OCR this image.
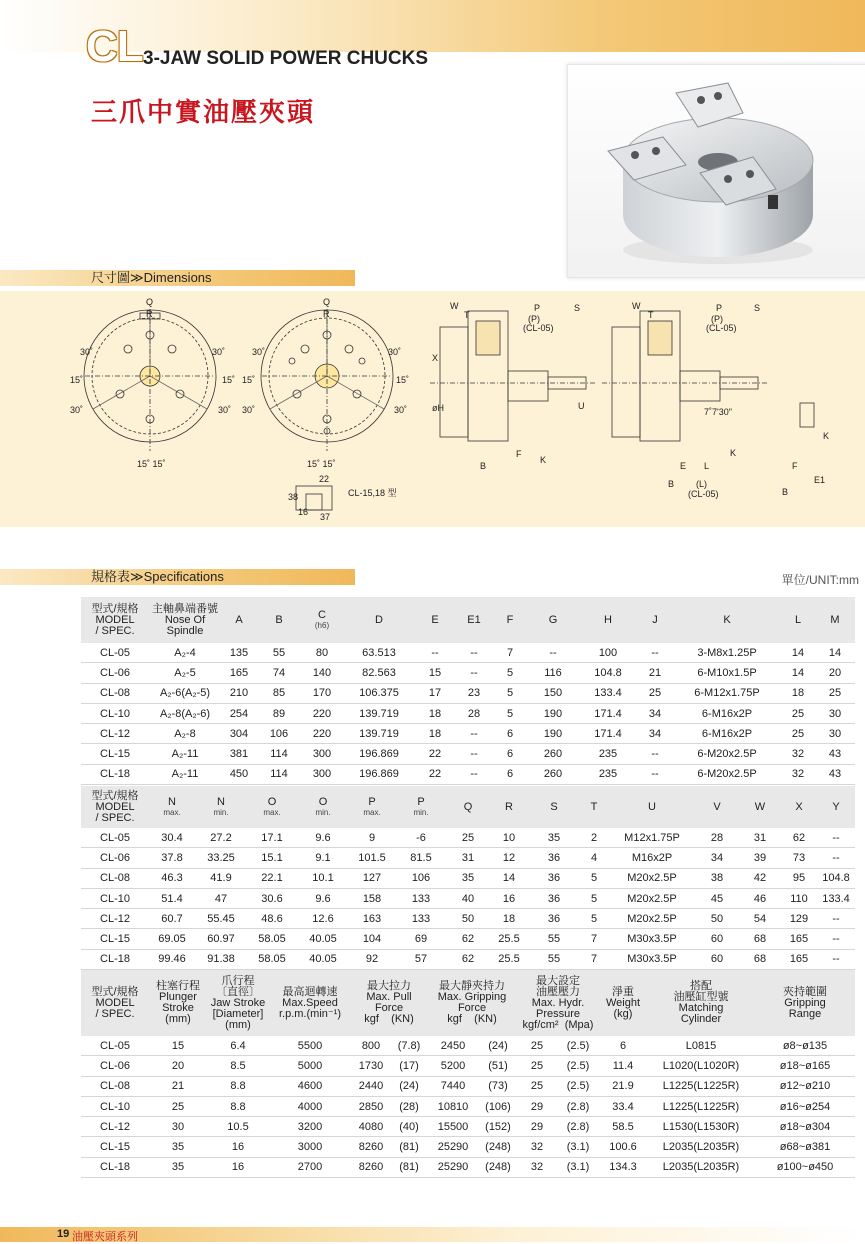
CL 3-JAW SOLID POWER CHUCKS
三爪中實油壓夾頭
尺寸圖≫Dimensions
Q
R
30˚	30˚
15˚	15˚
30˚	30˚
15˚ 15˚
Q
R
30˚	30˚
15˚	15˚
30˚	30˚
15˚ 15˚
22
38
16 37
CL-15,18 型
W
T
P
(P)
(CL-05)
S
X
øH	U
B
F
K
W
T
P
(P)
(CL-05)
S
7˚7'30"
K
E L
B (L)
(CL-05)
K
F
E1
B
規格表≫Specifications	單位/UNIT:mm
型式/規格
MODEL
/ SPEC.	主軸鼻端番號
Nose Of
Spindle	A	B	C
(h6)	D	E	E1	F	G	H	J	K	L	M
CL-05	A₂-4	135	55	80	63.513	--	--	7	--	100	--	3-M8x1.25P	14	14
CL-06	A₂-5	165	74	140	82.563	15	--	5	116	104.8	21	6-M10x1.5P	14	20
CL-08	A₂-6(A₂-5)	210	85	170	106.375	17	23	5	150	133.4	25	6-M12x1.75P	18	25
CL-10	A₂-8(A₂-6)	254	89	220	139.719	18	28	5	190	171.4	34	6-M16x2P	25	30
CL-12	A₂-8	304	106	220	139.719	18	--	6	190	171.4	34	6-M16x2P	25	30
CL-15	A₂-11	381	114	300	196.869	22	--	6	260	235	--	6-M20x2.5P	32	43
CL-18	A₂-11	450	114	300	196.869	22	--	6	260	235	--	6-M20x2.5P	32	43
型式/規格
MODEL
/ SPEC.	N
max.	N
min.	O
max.	O
min.	P
max.	P
min.	Q	R	S	T	U	V	W	X	Y
CL-05	30.4	27.2	17.1	9.6	9	-6	25	10	35	2	M12x1.75P	28	31	62	--
CL-06	37.8	33.25	15.1	9.1	101.5	81.5	31	12	36	4	M16x2P	34	39	73	--
CL-08	46.3	41.9	22.1	10.1	127	106	35	14	36	5	M20x2.5P	38	42	95	104.8
CL-10	51.4	47	30.6	9.6	158	133	40	16	36	5	M20x2.5P	45	46	110	133.4
CL-12	60.7	55.45	48.6	12.6	163	133	50	18	36	5	M20x2.5P	50	54	129	--
CL-15	69.05	60.97	58.05	40.05	104	69	62	25.5	55	7	M30x3.5P	60	68	165	--
CL-18	99.46	91.38	58.05	40.05	92	57	62	25.5	55	7	M30x3.5P	60	68	165	--
型式/規格
MODEL
/ SPEC.	柱塞行程
Plunger
Stroke
(mm)	爪行程
〔直徑〕
Jaw Stroke
[Diameter]
(mm)	最高迴轉速
Max.Speed
r.p.m.(min⁻¹)	最大拉力
Max. Pull
Force
kgf (KN)		最大靜夾持力
Max. Gripping
Force
kgf (KN)		最大設定
油壓壓力
Max. Hydr.
Pressure
kgf/cm² (Mpa)		淨重
Weight
(kg)	搭配
油壓缸型號
Matching
Cylinder	夾持範圍
Gripping
Range
CL-05	15	6.4	5500	800	(7.8)	2450	(24)	25	(2.5)	6	L0815	ø8~ø135
CL-06	20	8.5	5000	1730	(17)	5200	(51)	25	(2.5)	11.4	L1020(L1020R)	ø18~ø165
CL-08	21	8.8	4600	2440	(24)	7440	(73)	25	(2.5)	21.9	L1225(L1225R)	ø12~ø210
CL-10	25	8.8	4000	2850	(28)	10810	(106)	29	(2.8)	33.4	L1225(L1225R)	ø16~ø254
CL-12	30	10.5	3200	4080	(40)	15500	(152)	29	(2.8)	58.5	L1530(L1530R)	ø18~ø304
CL-15	35	16	3000	8260	(81)	25290	(248)	32	(3.1)	100.6	L2035(L2035R)	ø68~ø381
CL-18	35	16	2700	8260	(81)	25290	(248)	32	(3.1)	134.3	L2035(L2035R)	ø100~ø450
19 油壓夾頭系列
